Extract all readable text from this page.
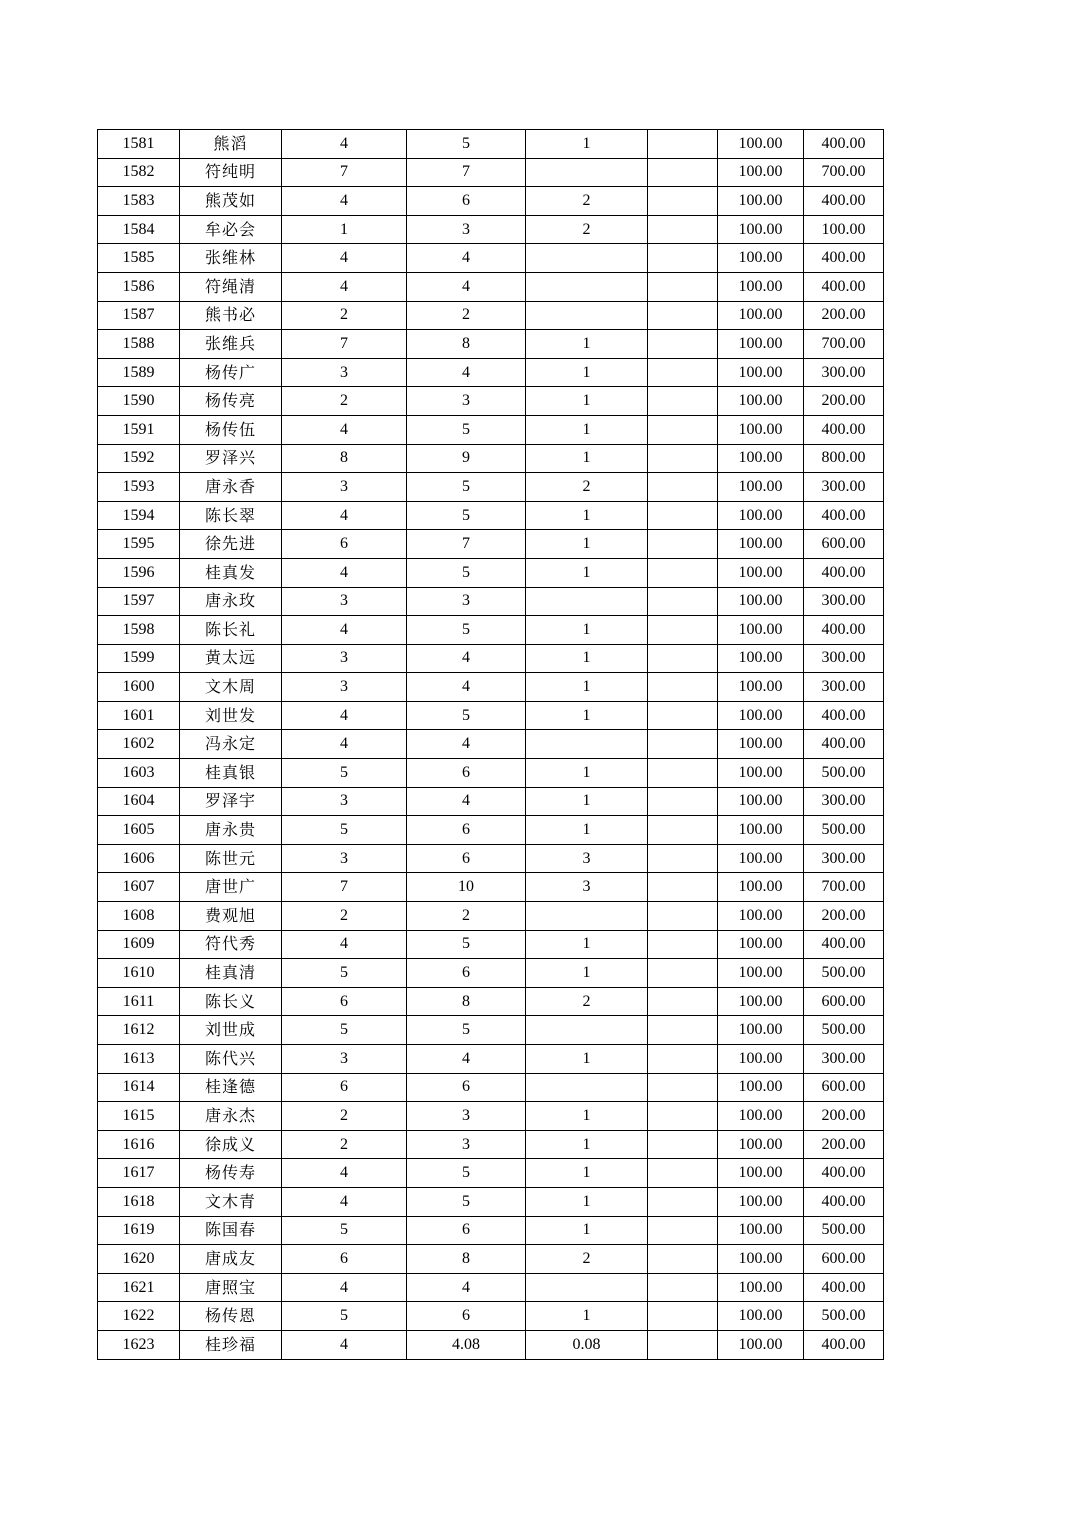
1581	熊滔	4	5	1		100.00	400.00
1582	符纯明	7	7			100.00	700.00
1583	熊茂如	4	6	2		100.00	400.00
1584	牟必会	1	3	2		100.00	100.00
1585	张维林	4	4			100.00	400.00
1586	符绳清	4	4			100.00	400.00
1587	熊书必	2	2			100.00	200.00
1588	张维兵	7	8	1		100.00	700.00
1589	杨传广	3	4	1		100.00	300.00
1590	杨传亮	2	3	1		100.00	200.00
1591	杨传伍	4	5	1		100.00	400.00
1592	罗泽兴	8	9	1		100.00	800.00
1593	唐永香	3	5	2		100.00	300.00
1594	陈长翠	4	5	1		100.00	400.00
1595	徐先进	6	7	1		100.00	600.00
1596	桂真发	4	5	1		100.00	400.00
1597	唐永玫	3	3			100.00	300.00
1598	陈长礼	4	5	1		100.00	400.00
1599	黄太远	3	4	1		100.00	300.00
1600	文木周	3	4	1		100.00	300.00
1601	刘世发	4	5	1		100.00	400.00
1602	冯永定	4	4			100.00	400.00
1603	桂真银	5	6	1		100.00	500.00
1604	罗泽宇	3	4	1		100.00	300.00
1605	唐永贵	5	6	1		100.00	500.00
1606	陈世元	3	6	3		100.00	300.00
1607	唐世广	7	10	3		100.00	700.00
1608	费观旭	2	2			100.00	200.00
1609	符代秀	4	5	1		100.00	400.00
1610	桂真清	5	6	1		100.00	500.00
1611	陈长义	6	8	2		100.00	600.00
1612	刘世成	5	5			100.00	500.00
1613	陈代兴	3	4	1		100.00	300.00
1614	桂逢德	6	6			100.00	600.00
1615	唐永杰	2	3	1		100.00	200.00
1616	徐成义	2	3	1		100.00	200.00
1617	杨传寿	4	5	1		100.00	400.00
1618	文木青	4	5	1		100.00	400.00
1619	陈国春	5	6	1		100.00	500.00
1620	唐成友	6	8	2		100.00	600.00
1621	唐照宝	4	4			100.00	400.00
1622	杨传恩	5	6	1		100.00	500.00
1623	桂珍福	4	4.08	0.08		100.00	400.00
